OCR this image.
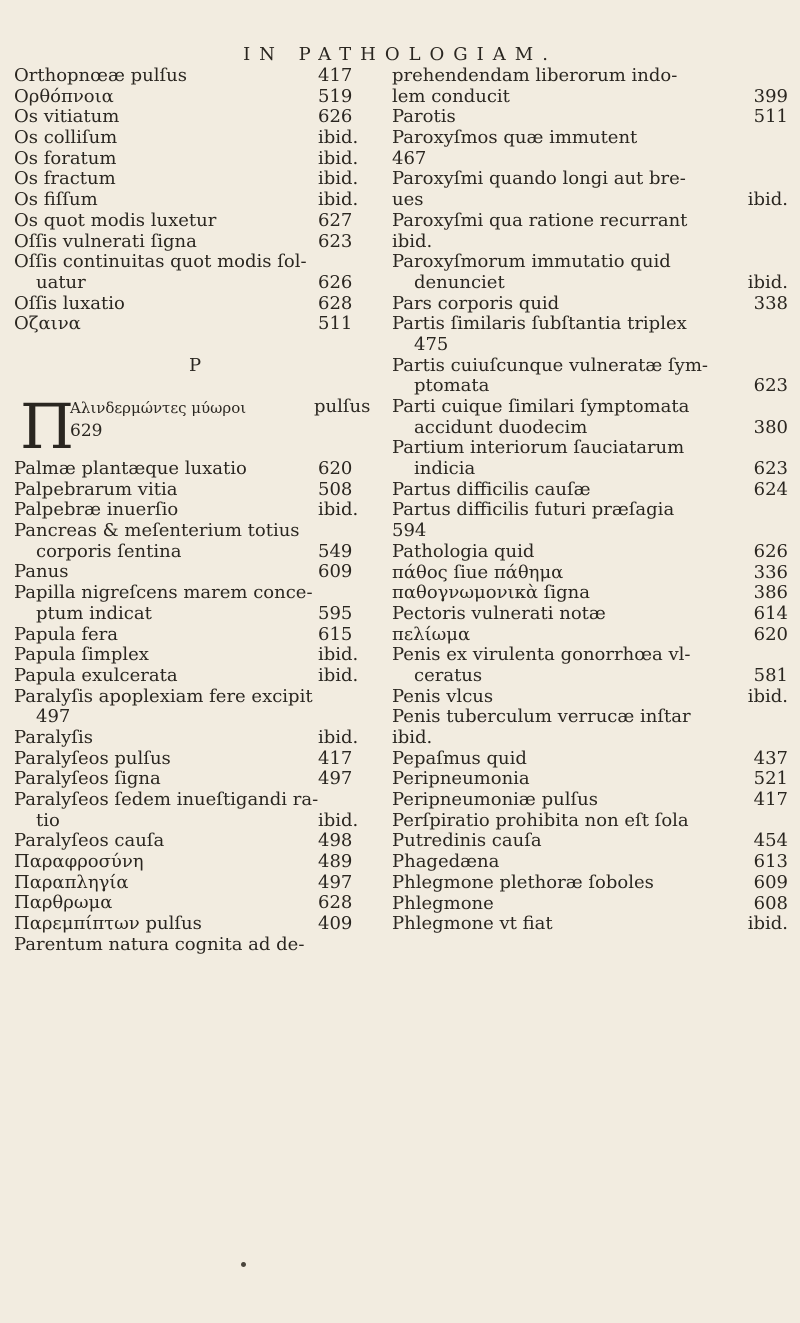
IN PATHOLOGIAM.
Orthopnœæ pulſus	417
Ορθόπνοια	519
Os vitiatum	626
Os colliſum	ibid.
Os foratum	ibid.
Os fractum	ibid.
Os fiſſum	ibid.
Os quot modis luxetur	627
Oſſis vulnerati ſigna	623
Oſſis continuitas quot modis ſol-
uatur	626
Oſſis luxatio	628
Οζαινα	511
P
Π
Αλινδερμώντες μύωροι	pulſus
629
Palmæ plantæque luxatio	620
Palpebrarum vitia	508
Palpebræ inuerſio	ibid.
Pancreas & meſenterium totius
corporis ſentina	549
Panus	609
Papilla nigreſcens marem conce-
ptum indicat	595
Papula fera	615
Papula ſimplex	ibid.
Papula exulcerata	ibid.
Paralyſis apoplexiam fere excipit
497
Paralyſis	ibid.
Paralyſeos pulſus	417
Paralyſeos ſigna	497
Paralyſeos ſedem inueſtigandi ra-
tio	ibid.
Paralyſeos cauſa	498
Παραφροσύνη	489
Παραπληγία	497
Παρθρωμα	628
Παρεμπίπτων pulſus	409
Parentum natura cognita ad de-
prehendendam liberorum indo-
lem conducit	399
Parotis	511
Paroxyſmos quæ immutent
467
Paroxyſmi quando longi aut bre-
ues	ibid.
Paroxyſmi qua ratione recurrant
ibid.
Paroxyſmorum immutatio quid
denunciet	ibid.
Pars corporis quid	338
Partis ſimilaris ſubſtantia triplex
475
Partis cuiuſcunque vulneratæ ſym-
ptomata	623
Parti cuique ſimilari ſymptomata
accidunt duodecim	380
Partium interiorum ſauciatarum
indicia	623
Partus difficilis cauſæ	624
Partus difficilis futuri præſagia
594
Pathologia quid	626
πάθος ſiue πάθημα	336
παθογνωμονικὰ ſigna	386
Pectoris vulnerati notæ	614
πελίωμα	620
Penis ex virulenta gonorrhœa vl-
ceratus	581
Penis vlcus	ibid.
Penis tuberculum verrucæ inſtar
ibid.
Pepaſmus quid	437
Peripneumonia	521
Peripneumoniæ pulſus	417
Perſpiratio prohibita non eſt ſola
Putredinis cauſa	454
Phagedæna	613
Phlegmone plethoræ ſoboles	609
Phlegmone	608
Phlegmone vt fiat	ibid.
